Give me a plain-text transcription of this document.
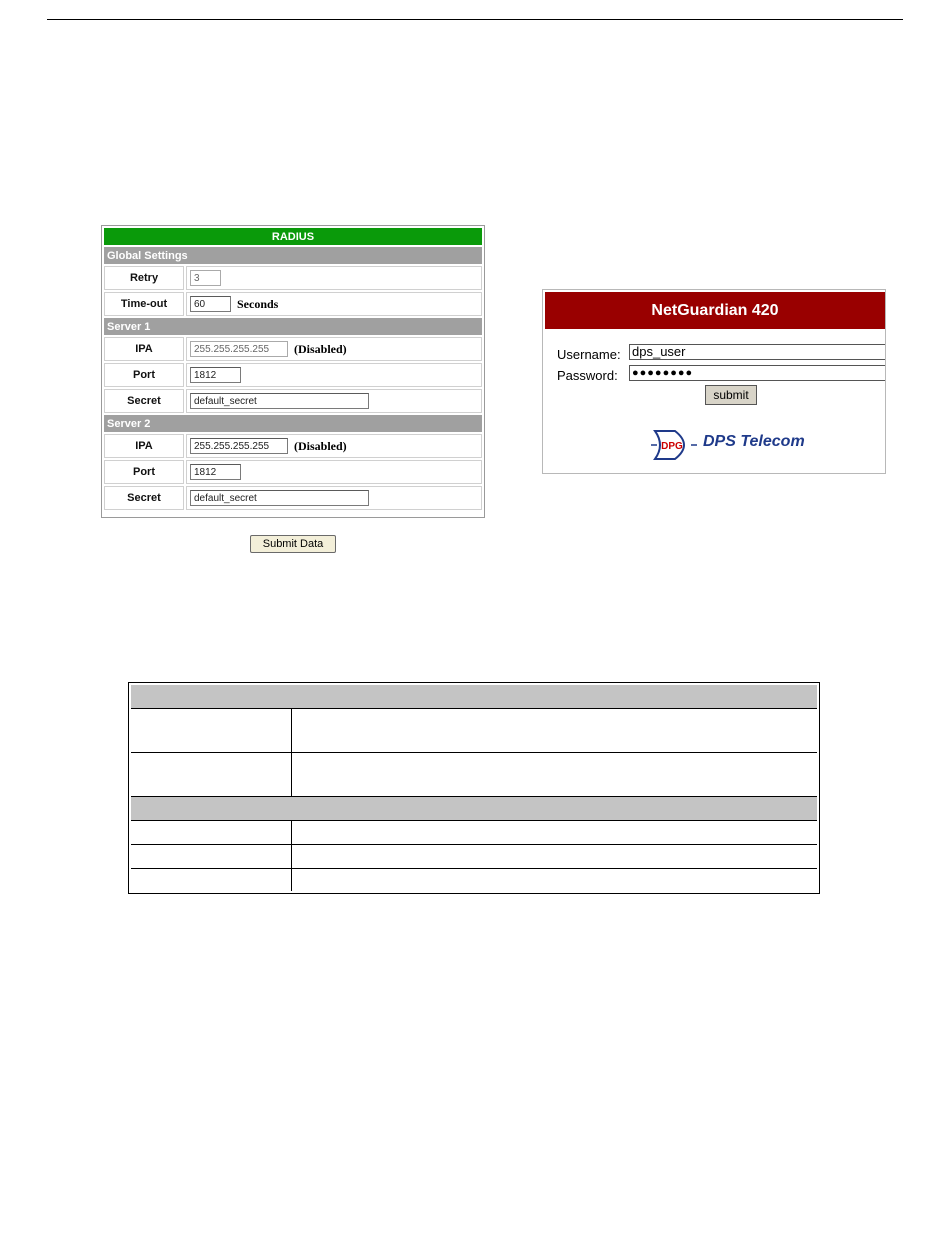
RADIUS	
Global Settings	
Retry	3
Time-out	60 Seconds
Server 1	
IPA	255.255.255.255 (Disabled)
Port	1812
Secret	default_secret
Server 2	
IPA	255.255.255.255 (Disabled)
Port	1812
Secret	default_secret
Submit Data
NetGuardian 420
Username: dps_user
Password: ●●●●●●●●
submit
DPG DPS Telecom
